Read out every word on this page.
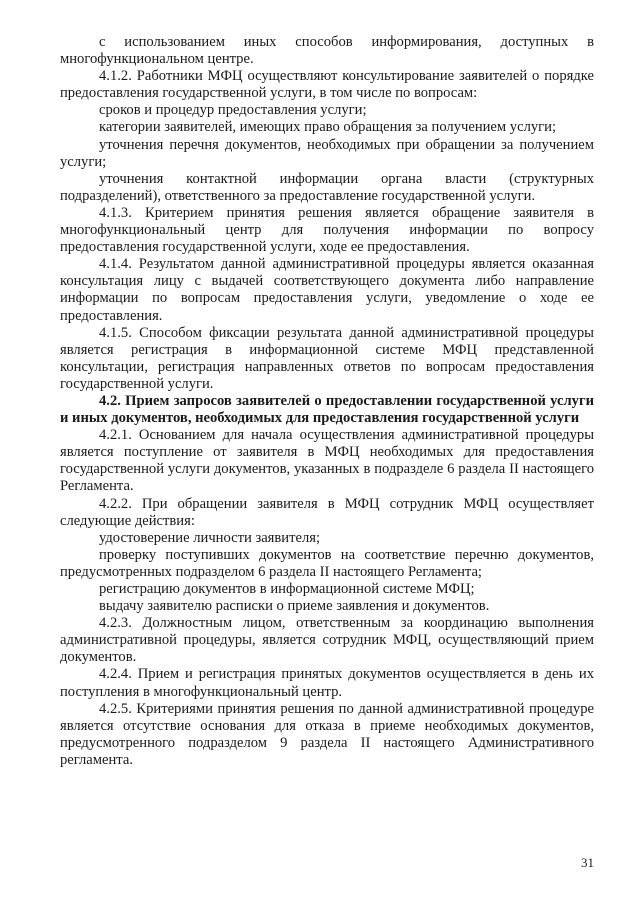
с использованием иных способов информирования, доступных в многофункциональном центре.

4.1.2. Работники МФЦ осуществляют консультирование заявителей о порядке предоставления государственной услуги, в том числе по вопросам:

сроков и процедур предоставления услуги;

категории заявителей, имеющих право обращения за получением услуги;

уточнения перечня документов, необходимых при обращении за получением услуги;

уточнения контактной информации органа власти (структурных подразделений), ответственного за предоставление государственной услуги.

4.1.3. Критерием принятия решения является обращение заявителя в многофункциональный центр для получения информации по вопросу предоставления государственной услуги, ходе ее предоставления.

4.1.4. Результатом данной административной процедуры является оказанная консультация лицу с выдачей соответствующего документа либо направление информации по вопросам предоставления услуги, уведомление о ходе ее предоставления.

4.1.5. Способом фиксации результата данной административной процедуры является регистрация в информационной системе МФЦ представленной консультации, регистрация направленных ответов по вопросам предоставления государственной услуги.

4.2. Прием запросов заявителей о предоставлении государственной услуги и иных документов, необходимых для предоставления государственной услуги

4.2.1. Основанием для начала осуществления административной процедуры является поступление от заявителя в МФЦ необходимых для предоставления государственной услуги документов, указанных в подразделе 6 раздела II настоящего Регламента.

4.2.2. При обращении заявителя в МФЦ сотрудник МФЦ осуществляет следующие действия:

удостоверение личности заявителя;

проверку поступивших документов на соответствие перечню документов, предусмотренных подразделом 6 раздела II настоящего Регламента;

регистрацию документов в информационной системе МФЦ;

выдачу заявителю расписки о приеме заявления и документов.

4.2.3. Должностным лицом, ответственным за координацию выполнения административной процедуры, является сотрудник МФЦ, осуществляющий прием документов.

4.2.4. Прием и регистрация принятых документов осуществляется в день их поступления в многофункциональный центр.

4.2.5. Критериями принятия решения по данной административной процедуре является отсутствие основания для отказа в приеме необходимых документов, предусмотренного подразделом 9 раздела II настоящего Административного регламента.

31
